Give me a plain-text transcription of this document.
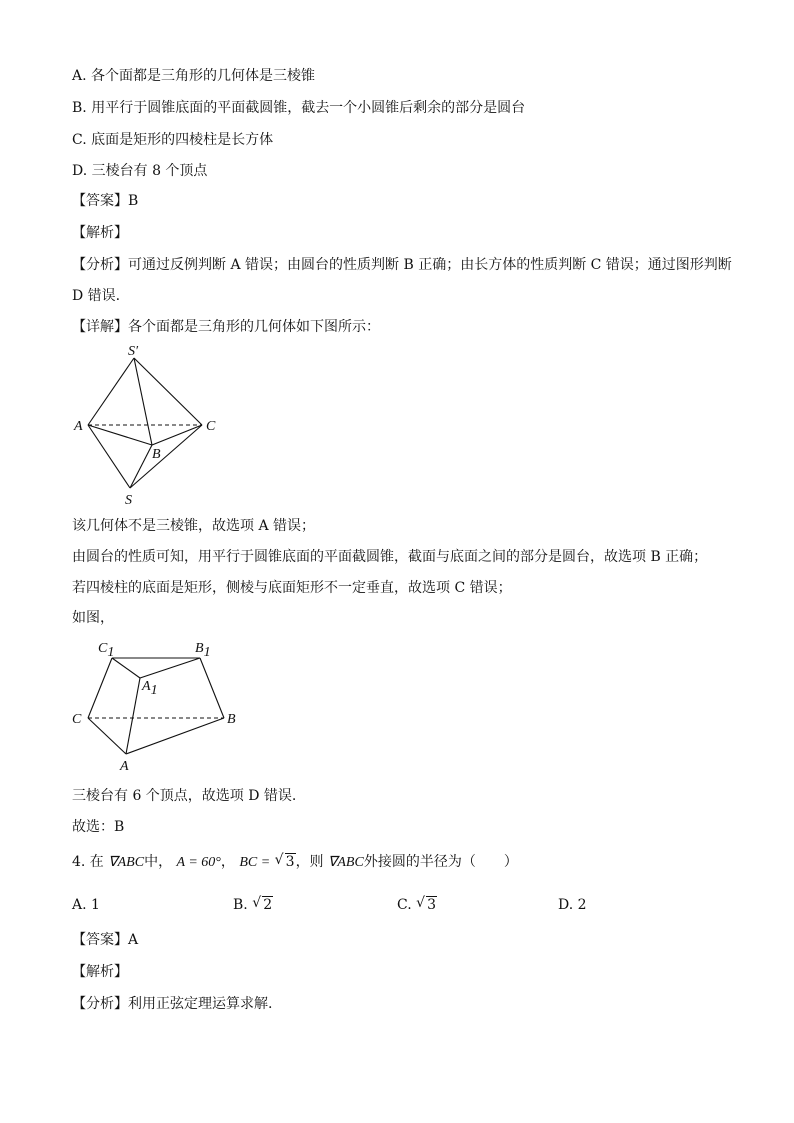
A. 各个面都是三角形的几何体是三棱锥
B. 用平行于圆锥底面的平面截圆锥，截去一个小圆锥后剩余的部分是圆台
C. 底面是矩形的四棱柱是长方体
D. 三棱台有 8 个顶点
【答案】B
【解析】
【分析】可通过反例判断 A 错误；由圆台的性质判断 B 正确；由长方体的性质判断 C 错误；通过图形判断
D 错误.
【详解】各个面都是三角形的几何体如下图所示：
S′
A	C
B
S
该几何体不是三棱锥，故选项 A 错误；
由圆台的性质可知，用平行于圆锥底面的平面截圆锥，截面与底面之间的部分是圆台，故选项 B 正确；
若四棱柱的底面是矩形，侧棱与底面矩形不一定垂直，故选项 C 错误；
如图，
C1	B1
A1
C	B
A
三棱台有 6 个顶点，故选项 D 错误.
故选：B
4. 在 ∇ABC中， A = 60°， BC = √ 3，则 ∇ABC外接圆的半径为（　　）
A. 1	B. √ 2	C. √ 3	D. 2
【答案】A
【解析】
【分析】利用正弦定理运算求解.
